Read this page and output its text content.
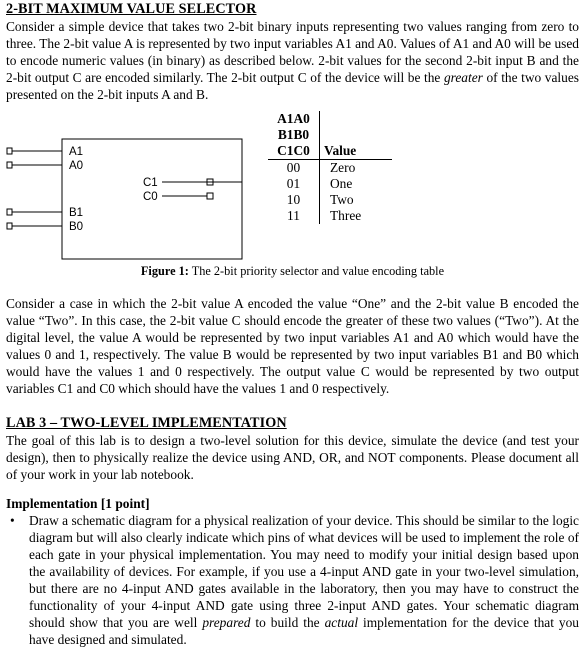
2-BIT MAXIMUM VALUE SELECTOR

Consider a simple device that takes two 2-bit binary inputs representing two values ranging from zero to three. The 2-bit value A is represented by two input variables A1 and A0. Values of A1 and A0 will be used to encode numeric values (in binary) as described below. 2-bit values for the second 2-bit input B and the 2-bit output C are encoded similarly. The 2-bit output C of the device will be the greater of the two values presented on the 2-bit inputs A and B.

A1
A0
B1
B0
C1
C0
A1A0	
B1B0	
C1C0	Value
00	Zero
01	One
10	Two
11	Three
Figure 1: The 2-bit priority selector and value encoding table

Consider a case in which the 2-bit value A encoded the value “One” and the 2-bit value B encoded the value “Two”. In this case, the 2-bit value C should encode the greater of these two values (“Two”). At the digital level, the value A would be represented by two input variables A1 and A0 which would have the values 0 and 1, respectively. The value B would be represented by two input variables B1 and B0 which would have the values 1 and 0 respectively. The output value C would be represented by two output variables C1 and C0 which should have the values 1 and 0 respectively.

LAB 3 – TWO-LEVEL IMPLEMENTATION

The goal of this lab is to design a two-level solution for this device, simulate the device (and test your design), then to physically realize the device using AND, OR, and NOT components. Please document all of your work in your lab notebook.

Implementation [1 point]
• Draw a schematic diagram for a physical realization of your device. This should be similar to the logic diagram but will also clearly indicate which pins of what devices will be used to implement the role of each gate in your physical implementation. You may need to modify your initial design based upon the availability of devices. For example, if you use a 4-input AND gate in your two-level simulation, but there are no 4-input AND gates available in the laboratory, then you may have to construct the functionality of your 4-input AND gate using three 2-input AND gates. Your schematic diagram should show that you are well prepared to build the actual implementation for the device that you have designed and simulated.
